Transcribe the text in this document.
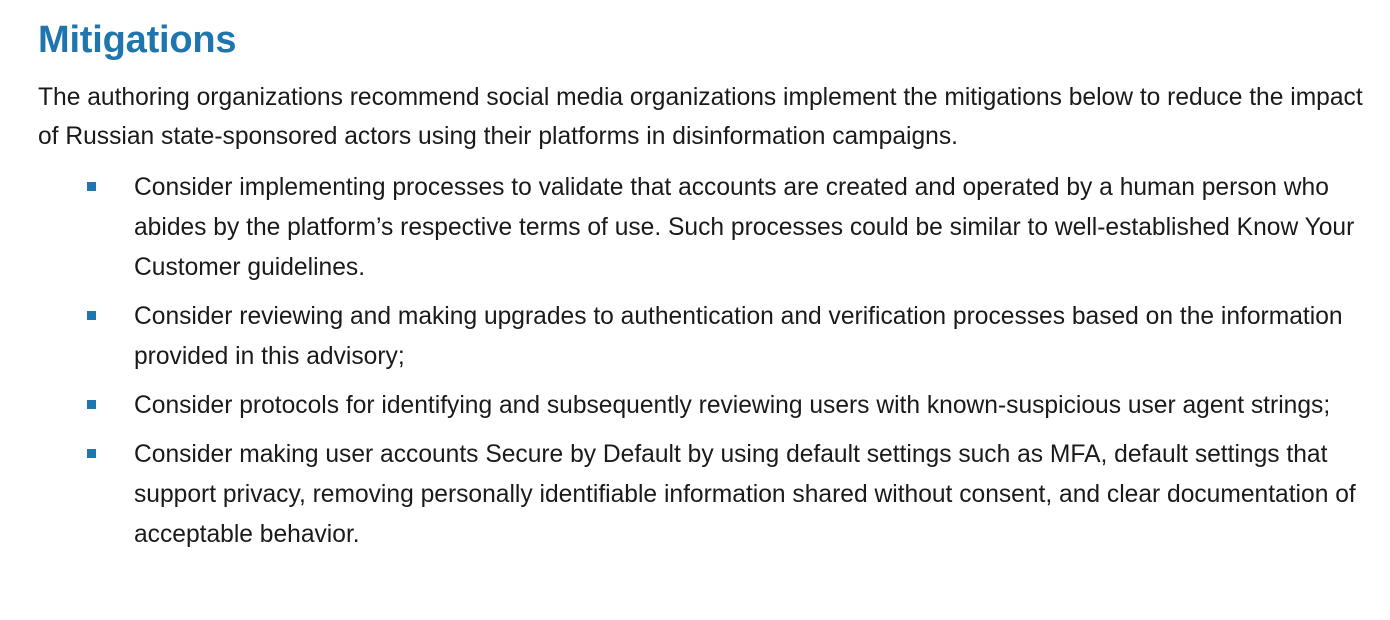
Mitigations

The authoring organizations recommend social media organizations implement the mitigations below to reduce the impact of Russian state-sponsored actors using their platforms in disinformation campaigns.

Consider implementing processes to validate that accounts are created and operated by a human person who abides by the platform’s respective terms of use. Such processes could be similar to well-established Know Your Customer guidelines.
Consider reviewing and making upgrades to authentication and verification processes based on the information provided in this advisory;
Consider protocols for identifying and subsequently reviewing users with known-suspicious user agent strings;
Consider making user accounts Secure by Default by using default settings such as MFA, default settings that support privacy, removing personally identifiable information shared without consent, and clear documentation of acceptable behavior.
